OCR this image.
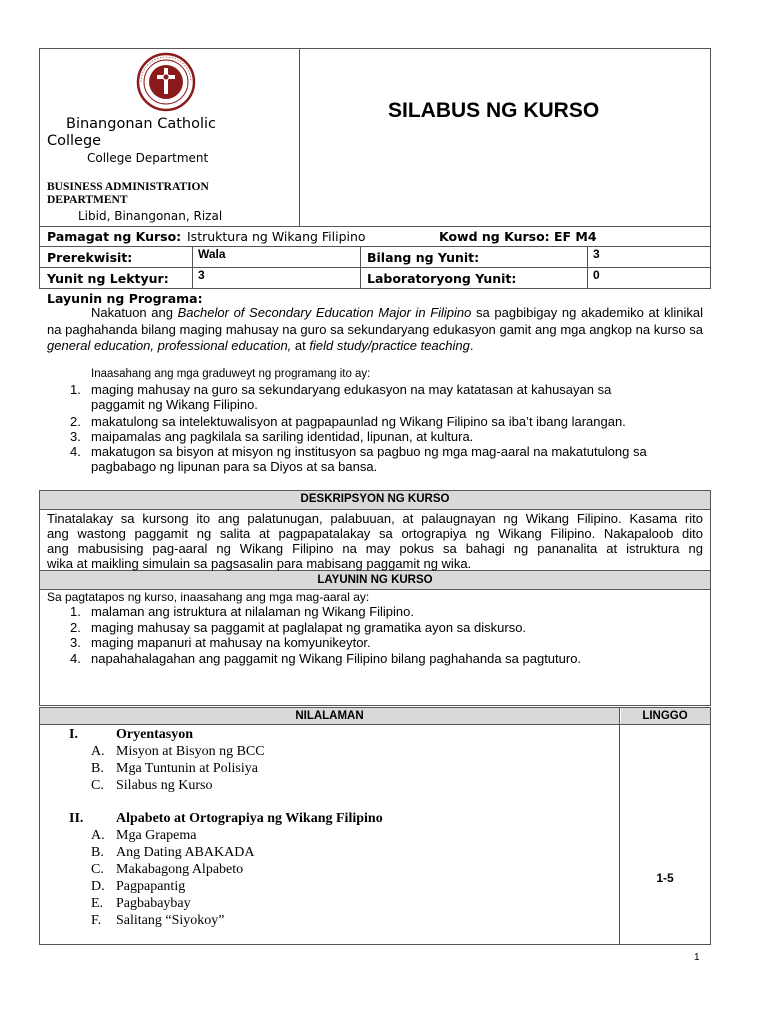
Binangonan Catholic
College
College Department
BUSINESS ADMINISTRATION
DEPARTMENT
Libid, Binangonan, Rizal
SILABUS NG KURSO
Pamagat ng Kurso: Istruktura ng Wikang Filipino	Kowd ng Kurso: EF M4
Prerekwisit:	Wala	Bilang ng Yunit:	3
Yunit ng Lektyur: 3	Laboratoryong Yunit:	0
Layunin ng Programa:
Nakatuon ang Bachelor of Secondary Education Major in Filipino sa pagbibigay ng akademiko at klinikal na paghahanda bilang maging mahusay na guro sa sekundaryang edukasyon gamit ang mga angkop na kurso sa general education, professional education, at field study/practice teaching.
Inaasahang ang mga graduweyt ng programang ito ay:
1. maging mahusay na guro sa sekundaryang edukasyon na may katatasan at kahusayan sa
paggamit ng Wikang Filipino.
2. makatulong sa intelektuwalisyon at pagpapaunlad ng Wikang Filipino sa iba’t ibang larangan.
3. maipamalas ang pagkilala sa sariling identidad, lipunan, at kultura.
4. makatugon sa bisyon at misyon ng institusyon sa pagbuo ng mga mag-aaral na makatutulong sa
pagbabago ng lipunan para sa Diyos at sa bansa.
DESKRIPSYON NG KURSO
Tinatalakay sa kursong ito ang palatunugan, palabuuan, at palaugnayan ng Wikang Filipino. Kasama rito
ang wastong paggamit ng salita at pagpapatalakay sa ortograpiya ng Wikang Filipino. Nakapaloob dito
ang mabusising pag-aaral ng Wikang Filipino na may pokus sa bahagi ng pananalita at istruktura ng
wika at maikling simulain sa pagsasalin para mabisang paggamit ng wika.
LAYUNIN NG KURSO
Sa pagtatapos ng kurso, inaasahang ang mga mag-aaral ay:
1. malaman ang istruktura at nilalaman ng Wikang Filipino.
2. maging mahusay sa paggamit at paglalapat ng gramatika ayon sa diskurso.
3. maging mapanuri at mahusay na komyunikeytor.
4. napahahalagahan ang paggamit ng Wikang Filipino bilang paghahanda sa pagtuturo.
NILALAMAN	LINGGO
I.	Oryentasyon
A. Misyon at Bisyon ng BCC
B. Mga Tuntunin at Polisiya
C. Silabus ng Kurso
II. Alpabeto at Ortograpiya ng Wikang Filipino
A. Mga Grapema
B. Ang Dating ABAKADA
C. Makabagong Alpabeto
D. Pagpapantig
E. Pagbabaybay
F. Salitang “Siyokoy”
1-5
1
